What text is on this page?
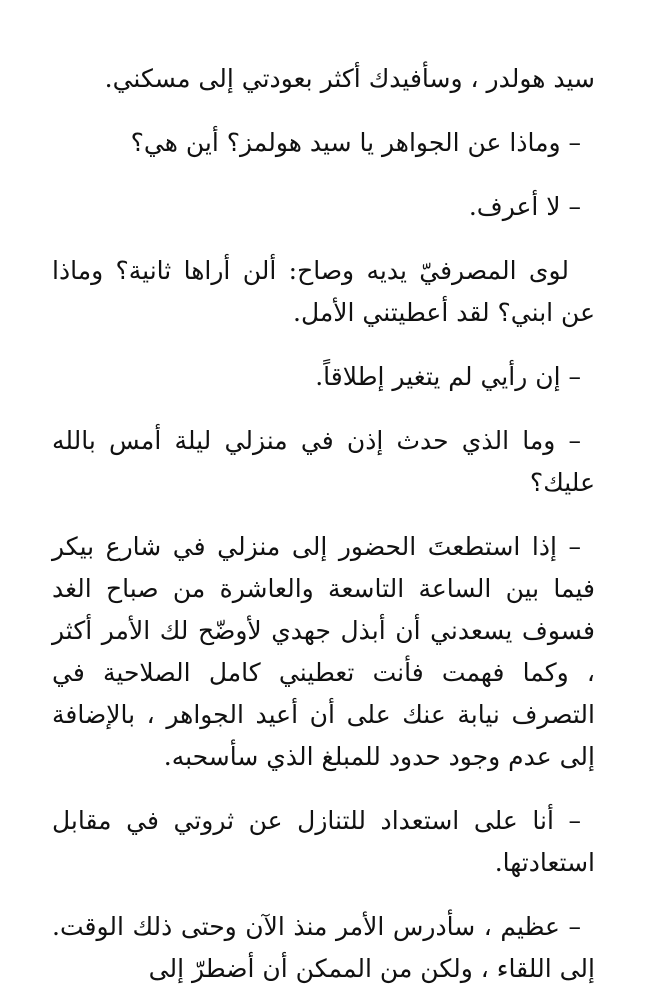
سيد هولدر ، وسأفيدك أكثر بعودتي إلى مسكني.

– وماذا عن الجواهر يا سيد هولمز؟ أين هي؟

– لا أعرف.

لوى المصرفيّ يديه وصاح: ألن أراها ثانية؟ وماذا عن ابني؟ لقد أعطيتني الأمل.

– إن رأيي لم يتغير إطلاقاً.

– وما الذي حدث إذن في منزلي ليلة أمس بالله عليك؟

– إذا استطعتَ الحضور إلى منزلي في شارع بيكر فيما بين الساعة التاسعة والعاشرة من صباح الغد فسوف يسعدني أن أبذل جهدي لأوضّح لك الأمر أكثر ، وكما فهمت فأنت تعطيني كامل الصلاحية في التصرف نيابة عنك على أن أعيد الجواهر ، بالإضافة إلى عدم وجود حدود للمبلغ الذي سأسحبه.

– أنا على استعداد للتنازل عن ثروتي في مقابل استعادتها.

– عظيم ، سأدرس الأمر منذ الآن وحتى ذلك الوقت. إلى اللقاء ، ولكن من الممكن أن أضطرّ إلى
